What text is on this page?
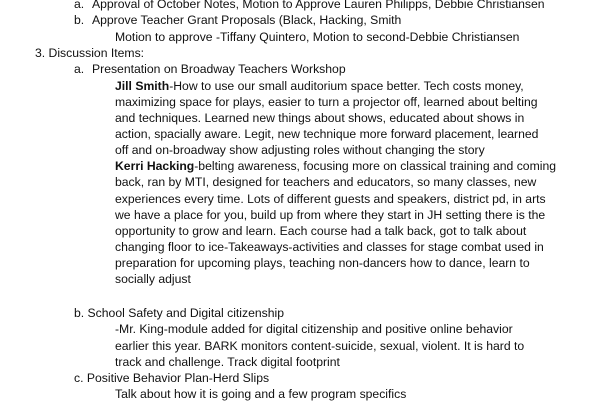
a. Approval of October Notes, Motion to Approve Lauren Philipps, Debbie Christiansen
b. Approve Teacher Grant Proposals (Black, Hacking, Smith
Motion to approve -Tiffany Quintero, Motion to second-Debbie Christiansen
3. Discussion Items:
a. Presentation on Broadway Teachers Workshop
Jill Smith-How to use our small auditorium space better. Tech costs money,
maximizing space for plays, easier to turn a projector off, learned about belting
and techniques. Learned new things about shows, educated about shows in
action, spacially aware. Legit, new technique more forward placement, learned
off and on-broadway show adjusting roles without changing the story
Kerri Hacking-belting awareness, focusing more on classical training and coming
back, ran by MTI, designed for teachers and educators, so many classes, new
experiences every time. Lots of different guests and speakers, district pd, in arts
we have a place for you, build up from where they start in JH setting there is the
opportunity to grow and learn. Each course had a talk back, got to talk about
changing floor to ice-Takeaways-activities and classes for stage combat used in
preparation for upcoming plays, teaching non-dancers how to dance, learn to
socially adjust
b. School Safety and Digital citizenship
-Mr. King-module added for digital citizenship and positive online behavior
earlier this year. BARK monitors content-suicide, sexual, violent. It is hard to
track and challenge. Track digital footprint
c. Positive Behavior Plan-Herd Slips
Talk about how it is going and a few program specifics
